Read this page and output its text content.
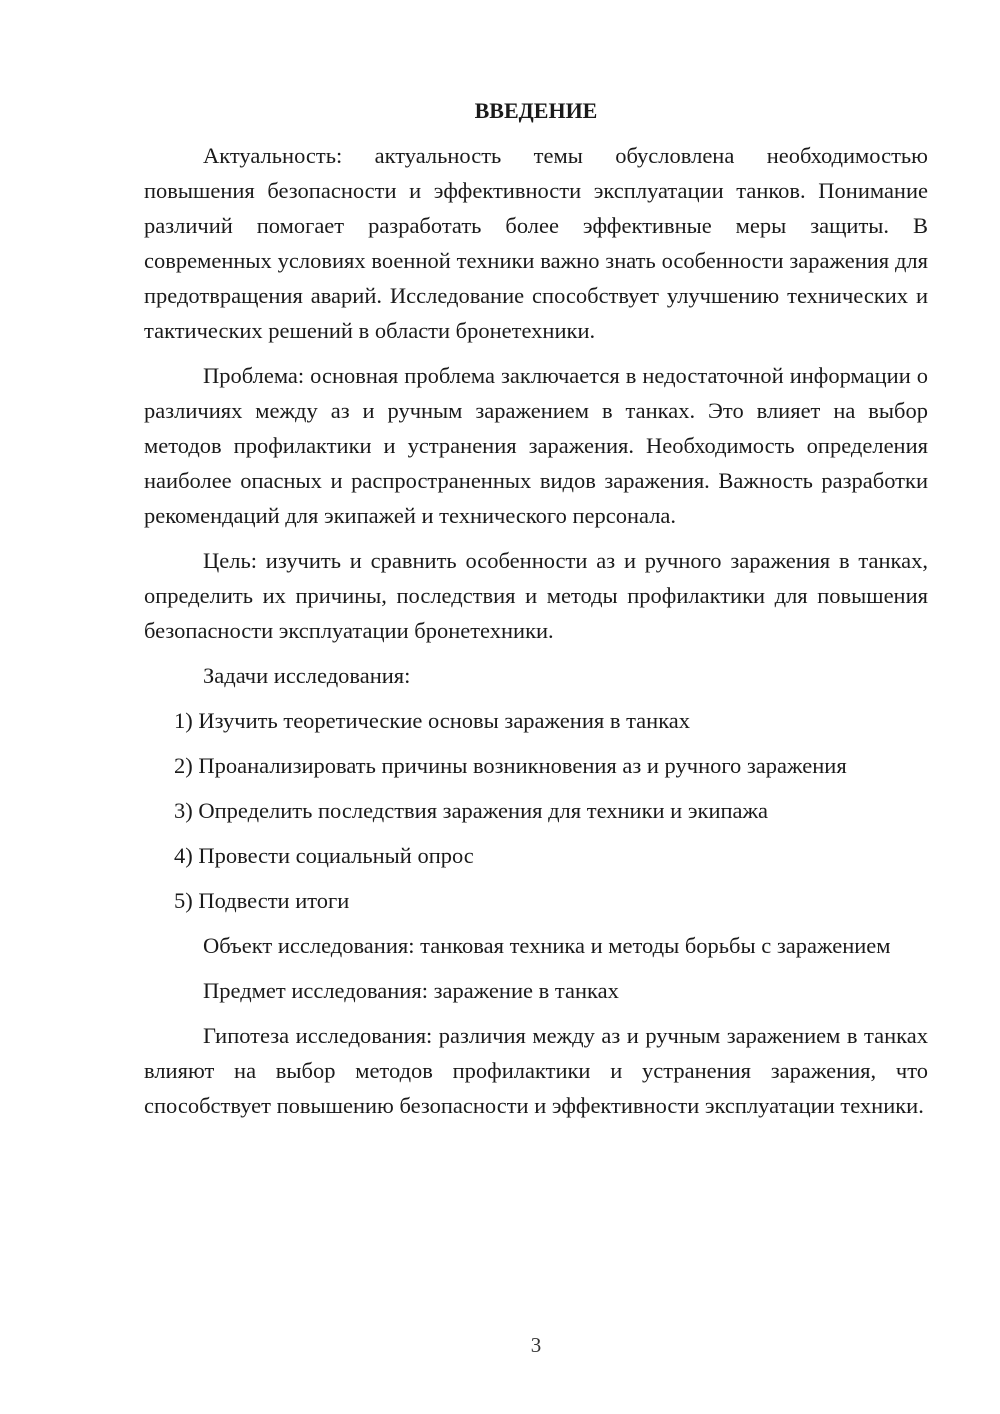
ВВЕДЕНИЕ

Актуальность: актуальность темы обусловлена необходимостью повышения безопасности и эффективности эксплуатации танков. Понимание различий помогает разработать более эффективные меры защиты. В современных условиях военной техники важно знать особенности заражения для предотвращения аварий. Исследование способствует улучшению технических и тактических решений в области бронетехники.

Проблема: основная проблема заключается в недостаточной информации о различиях между аз и ручным заражением в танках. Это влияет на выбор методов профилактики и устранения заражения. Необходимость определения наиболее опасных и распространенных видов заражения. Важность разработки рекомендаций для экипажей и технического персонала.

Цель: изучить и сравнить особенности аз и ручного заражения в танках, определить их причины, последствия и методы профилактики для повышения безопасности эксплуатации бронетехники.

Задачи исследования:

1) Изучить теоретические основы заражения в танках
2) Проанализировать причины возникновения аз и ручного заражения
3) Определить последствия заражения для техники и экипажа
4) Провести социальный опрос
5) Подвести итоги

Объект исследования: танковая техника и методы борьбы с заражением

Предмет исследования: заражение в танках

Гипотеза исследования: различия между аз и ручным заражением в танках влияют на выбор методов профилактики и устранения заражения, что способствует повышению безопасности и эффективности эксплуатации техники.

3
